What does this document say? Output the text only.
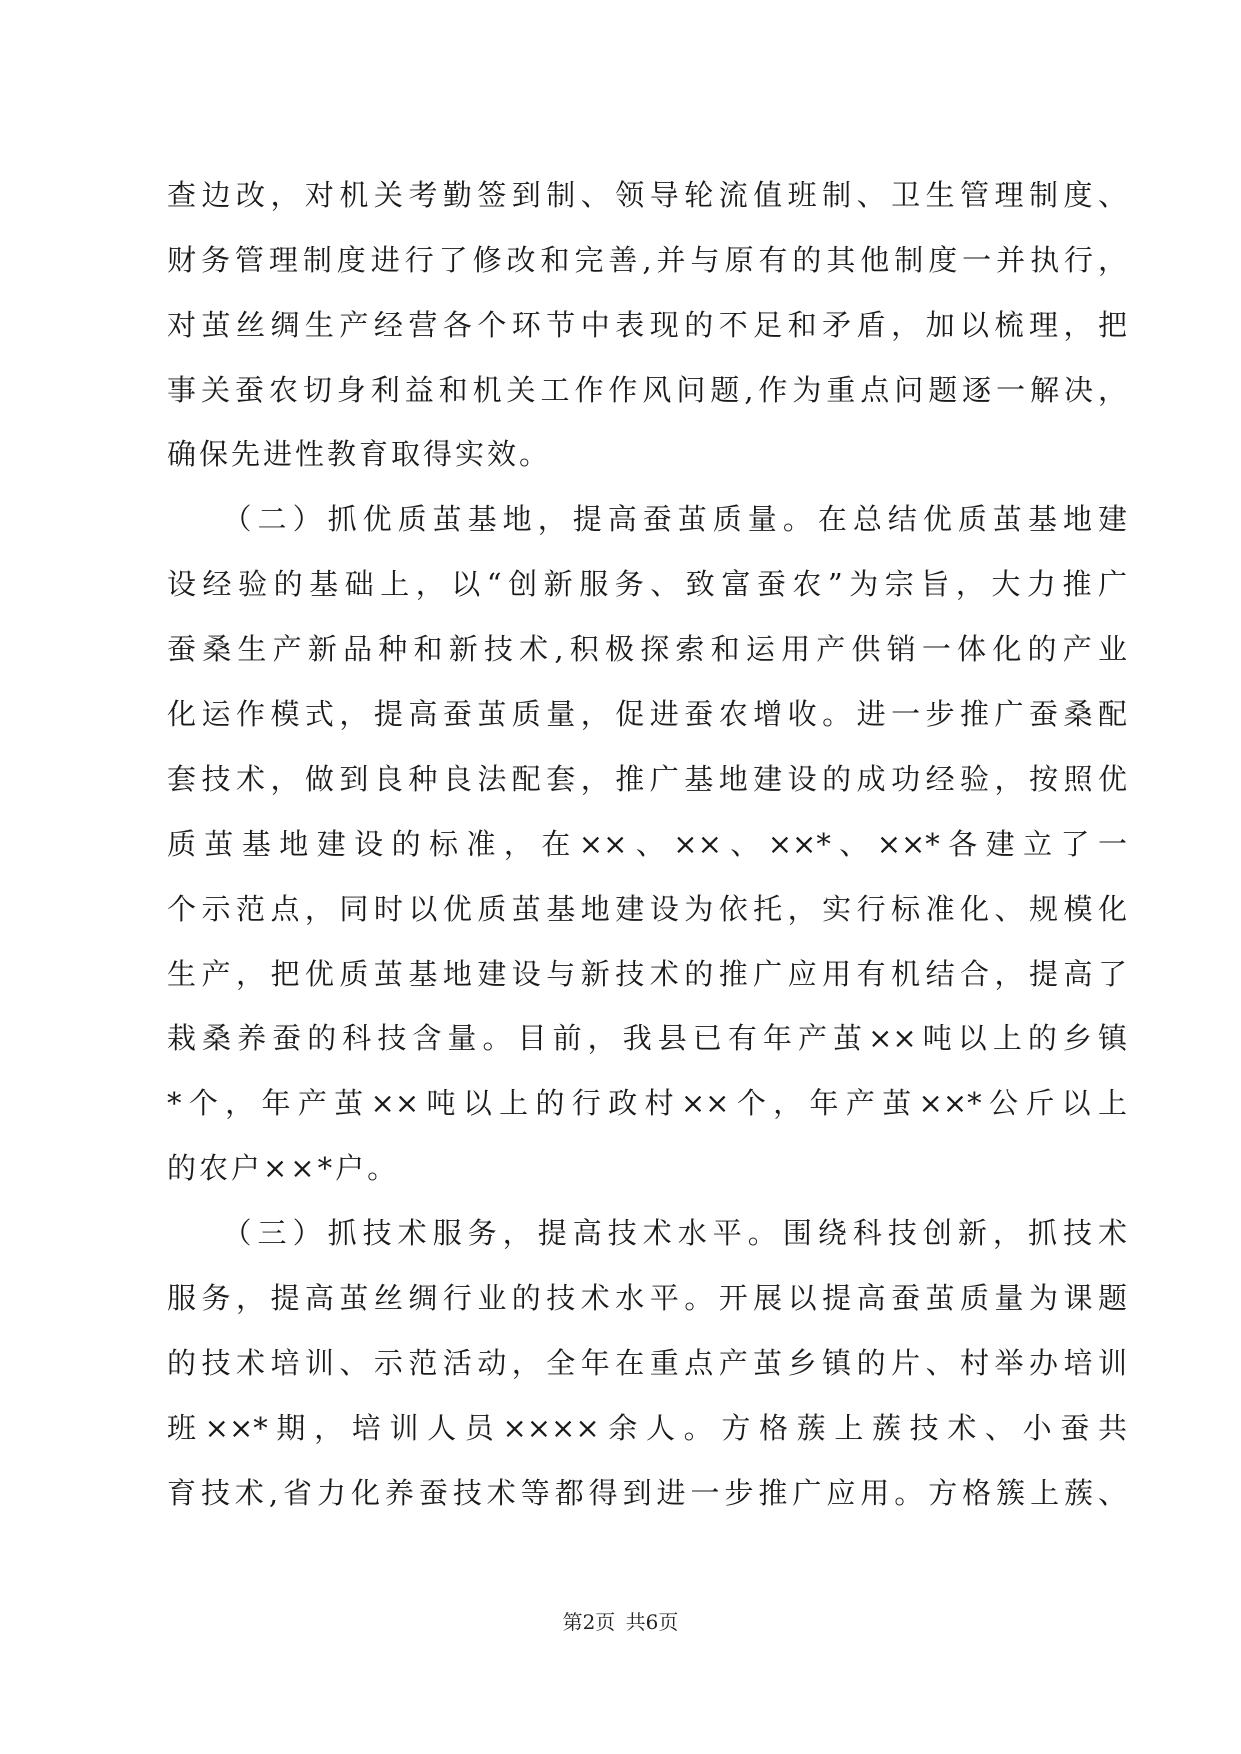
查边改，对机关考勤签到制、领导轮流值班制、卫生管理制度、
财务管理制度进行了修改和完善,并与原有的其他制度一并执行，
对茧丝绸生产经营各个环节中表现的不足和矛盾，加以梳理，把
事关蚕农切身利益和机关工作作风问题,作为重点问题逐一解决，
确保先进性教育取得实效。
　　（二）抓优质茧基地，提高蚕茧质量。在总结优质茧基地建
设经验的基础上，以“创新服务、致富蚕农”为宗旨，大力推广
蚕桑生产新品种和新技术,积极探索和运用产供销一体化的产业
化运作模式，提高蚕茧质量，促进蚕农增收。进一步推广蚕桑配
套技术，做到良种良法配套，推广基地建设的成功经验，按照优
质茧基地建设的标准，在××、××、××*、××*各建立了一
个示范点，同时以优质茧基地建设为依托，实行标准化、规模化
生产，把优质茧基地建设与新技术的推广应用有机结合，提高了
栽桑养蚕的科技含量。目前，我县已有年产茧××吨以上的乡镇
*个，年产茧××吨以上的行政村××个，年产茧××*公斤以上
的农户××*户。
　　（三）抓技术服务，提高技术水平。围绕科技创新，抓技术
服务，提高茧丝绸行业的技术水平。开展以提高蚕茧质量为课题
的技术培训、示范活动，全年在重点产茧乡镇的片、村举办培训
班××*期，培训人员××××余人。方格蔟上蔟技术、小蚕共
育技术,省力化养蚕技术等都得到进一步推广应用。方格簇上蔟、
第2页 共6页
